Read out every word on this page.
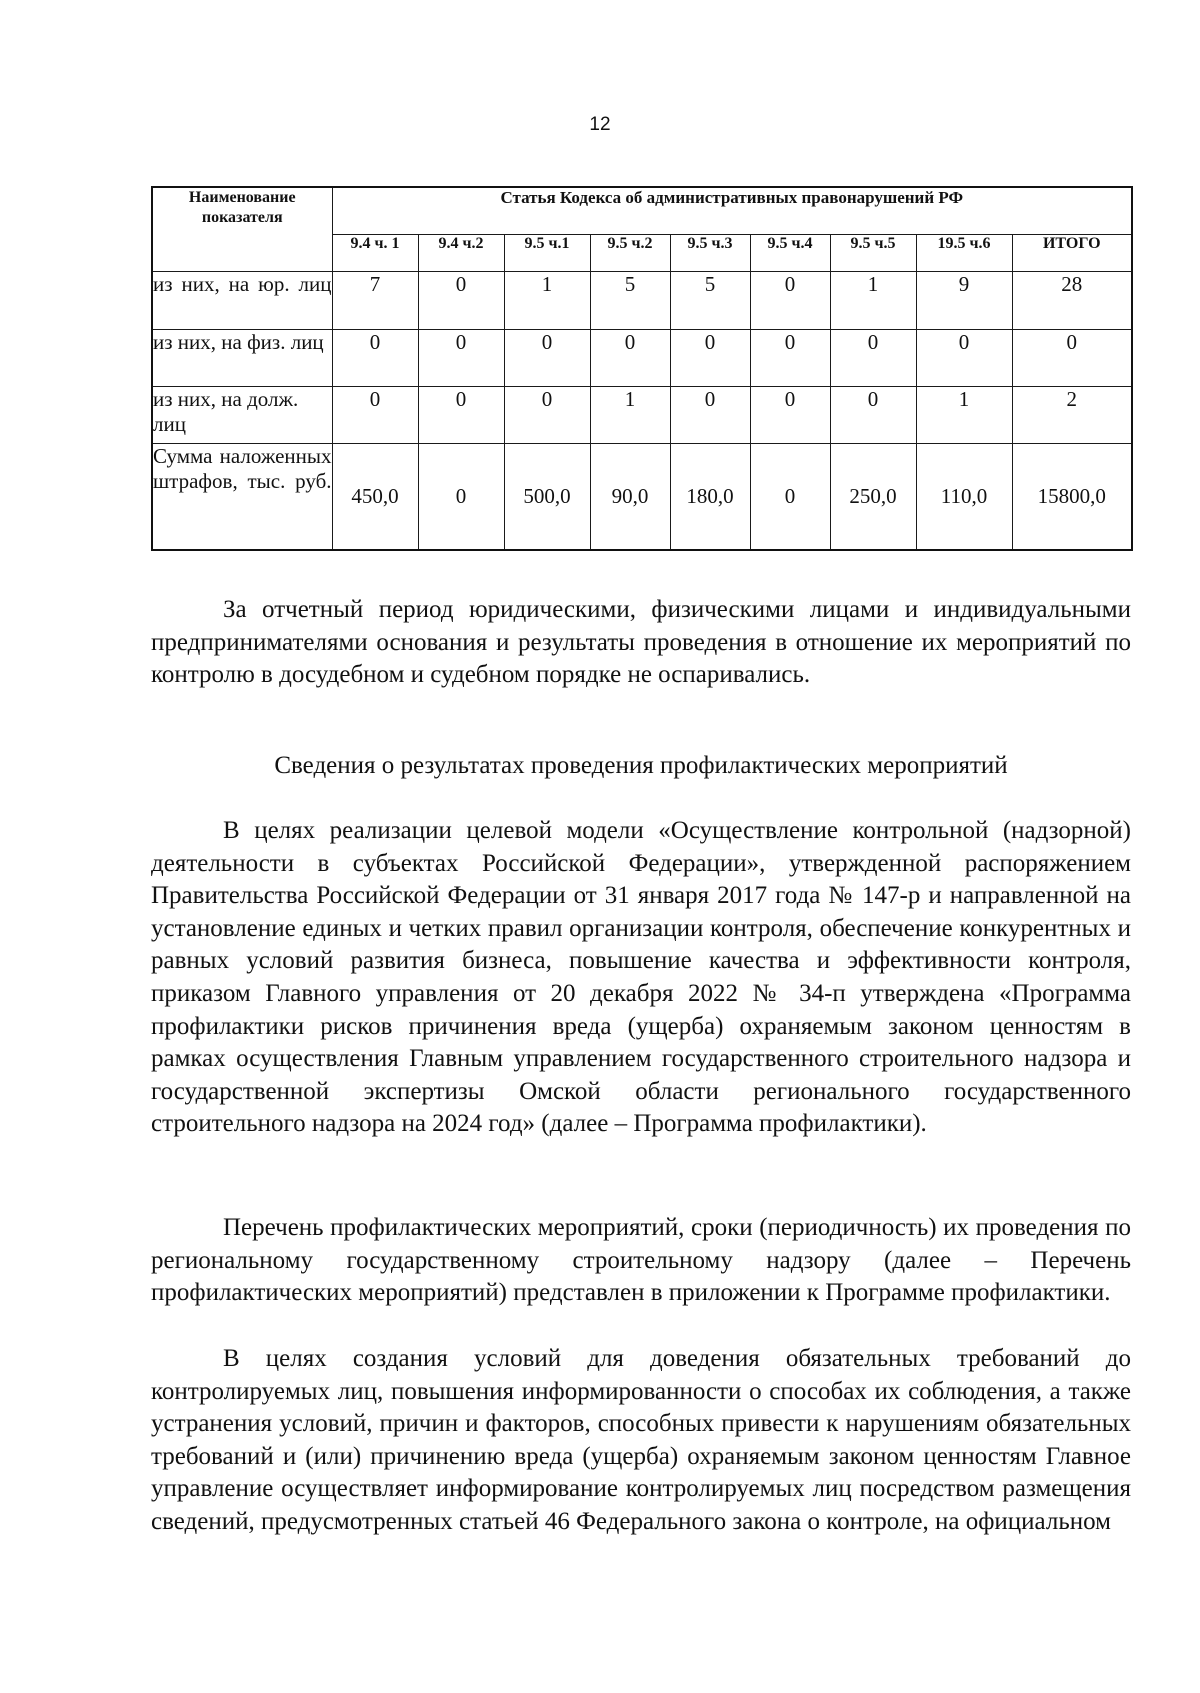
12
Наименование показателя	Статья Кодекса об административных правонарушений РФ								
	9.4 ч. 1	9.4 ч.2	9.5 ч.1	9.5 ч.2	9.5 ч.3	9.5 ч.4	9.5 ч.5	19.5 ч.6	ИТОГО

из них, на юр. лиц	7	0	1	5	5	0	1	9	28
из них, на физ. лиц	0	0	0	0	0	0	0	0	0
из них, на долж. лиц	0	0	0	1	0	0	0	1	2

Сумма наложенных штрафов, тыс. руб.	450,0	0	500,0	90,0	180,0	0	250,0	110,0	15800,0

За отчетный период юридическими, физическими лицами и индивидуальными предпринимателями основания и результаты проведения в отношение их мероприятий по контролю в досудебном и судебном порядке не оспаривались.

Сведения о результатах проведения профилактических мероприятий

В целях реализации целевой модели «Осуществление контрольной (надзорной) деятельности в субъектах Российской Федерации», утвержденной распоряжением Правительства Российской Федерации от 31 января 2017 года № 147-р и направленной на установление единых и четких правил организации контроля, обеспечение конкурентных и равных условий развития бизнеса, повышение качества и эффективности контроля, приказом Главного управления от 20 декабря 2022 № 34-п утверждена «Программа профилактики рисков причинения вреда (ущерба) охраняемым законом ценностям в рамках осуществления Главным управлением государственного строительного надзора и государственной экспертизы Омской области регионального государственного строительного надзора на 2024 год» (далее – Программа профилактики).

Перечень профилактических мероприятий, сроки (периодичность) их проведения по региональному государственному строительному надзору (далее – Перечень профилактических мероприятий) представлен в приложении к Программе профилактики.

В целях создания условий для доведения обязательных требований до контролируемых лиц, повышения информированности о способах их соблюдения, а также устранения условий, причин и факторов, способных привести к нарушениям обязательных требований и (или) причинению вреда (ущерба) охраняемым законом ценностям Главное управление осуществляет информирование контролируемых лиц посредством размещения сведений, предусмотренных статьей 46 Федерального закона о контроле, на официальном
